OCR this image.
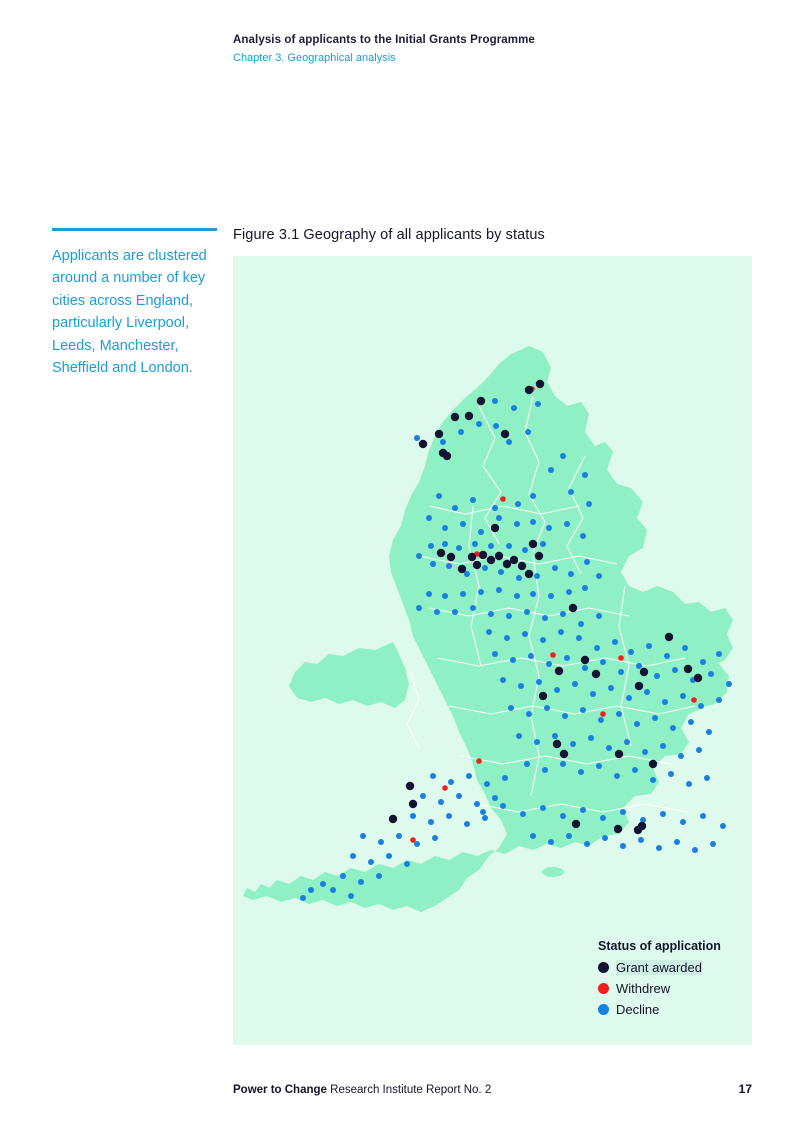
Analysis of applicants to the Initial Grants Programme
Chapter 3. Geographical analysis
Applicants are clustered around a number of key cities across England, particularly Liverpool, Leeds, Manchester, Sheffield and London.
Figure 3.1 Geography of all applicants by status
Status of application
Grant awarded
Withdrew
Decline
Power to Change Research Institute Report No. 2	17
